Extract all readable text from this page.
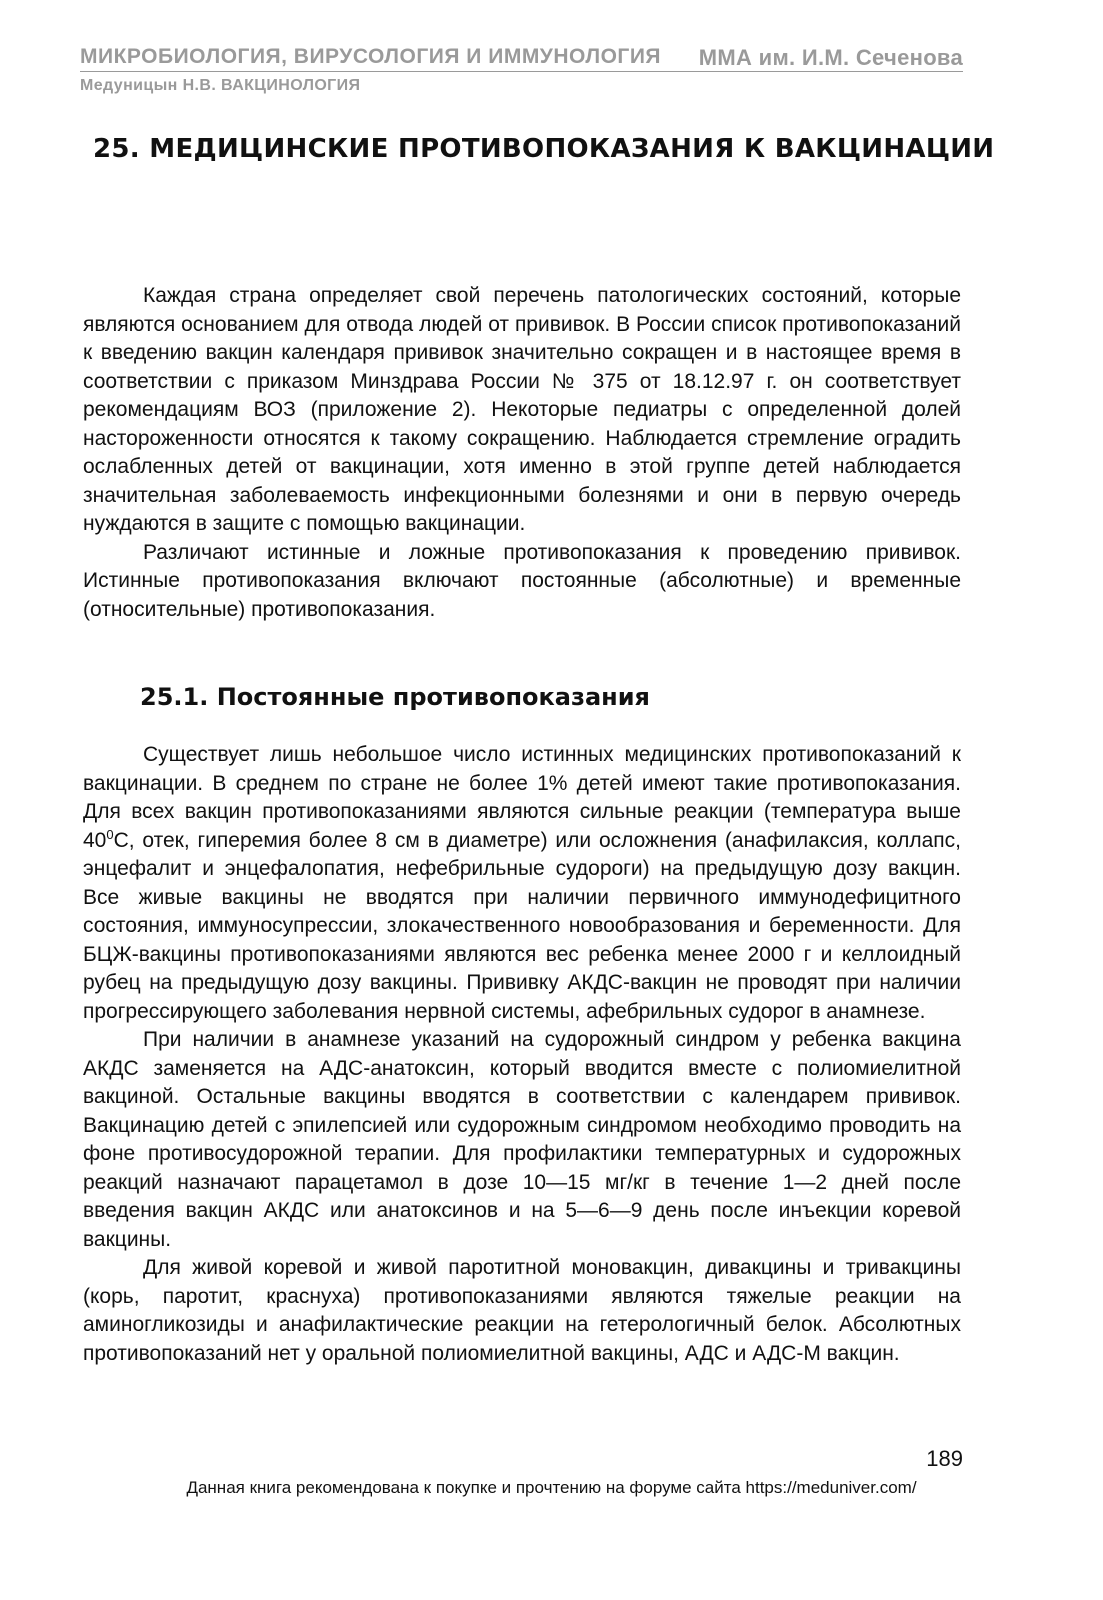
МИКРОБИОЛОГИЯ, ВИРУСОЛОГИЯ И ИММУНОЛОГИЯ ММА им. И.М. Сеченова
Медуницын Н.В. ВАКЦИНОЛОГИЯ
25. МЕДИЦИНСКИЕ ПРОТИВОПОКАЗАНИЯ К ВАКЦИНАЦИИ

Каждая страна определяет свой перечень патологических состояний, которые являются основанием для отвода людей от прививок. В России список противопоказаний к введению вакцин календаря прививок значительно сокращен и в настоящее время в соответствии с приказом Минздрава России № 375 от 18.12.97 г. он соответствует рекомендациям ВОЗ (приложение 2). Некоторые педиатры с определенной долей настороженности относятся к такому сокращению. Наблюдается стремление оградить ослабленных детей от вакцинации, хотя именно в этой группе детей наблюдается значительная заболеваемость инфекционными болезнями и они в первую очередь нуждаются в защите с помощью вакцинации.

Различают истинные и ложные противопоказания к проведению прививок. Истинные противопоказания включают постоянные (абсолютные) и временные (относительные) противопоказания.

25.1. Постоянные противопоказания

Существует лишь небольшое число истинных медицинских противопоказаний к вакцинации. В среднем по стране не более 1% детей имеют такие противопоказания. Для всех вакцин противопоказаниями являются сильные реакции (температура выше $40^0С$, отек, гиперемия более 8 см в диаметре) или осложнения (анафилаксия, коллапс, энцефалит и энцефалопатия, нефебрильные судороги) на предыдущую дозу вакцин. Все живые вакцины не вводятся при наличии первичного иммунодефицитного состояния, иммуносупрессии, злокачественного новообразования и беременности. Для БЦЖ-вакцины противопоказаниями являются вес ребенка менее 2000 г и келлоидный рубец на предыдущую дозу вакцины. Прививку АКДС-вакцин не проводят при наличии прогрессирующего заболевания нервной системы, афебрильных судорог в анамнезе.

При наличии в анамнезе указаний на судорожный синдром у ребенка вакцина АКДС заменяется на АДС-анатоксин, который вводится вместе с полиомиелитной вакциной. Остальные вакцины вводятся в соответствии с календарем прививок. Вакцинацию детей с эпилепсией или судорожным синдромом необходимо проводить на фоне противосудорожной терапии. Для профилактики температурных и судорожных реакций назначают парацетамол в дозе 10—15 мг/кг в течение 1—2 дней после введения вакцин АКДС или анатоксинов и на 5—6—9 день после инъекции коревой вакцины.

Для живой коревой и живой паротитной моновакцин, дивакцины и тривакцины (корь, паротит, краснуха) противопоказаниями являются тяжелые реакции на аминогликозиды и анафилактические реакции на гетерологичный белок. Абсолютных противопоказаний нет у оральной полиомиелитной вакцины, АДС и АДС-М вакцин.

189
Данная книга рекомендована к покупке и прочтению на форуме сайта https://meduniver.com/
